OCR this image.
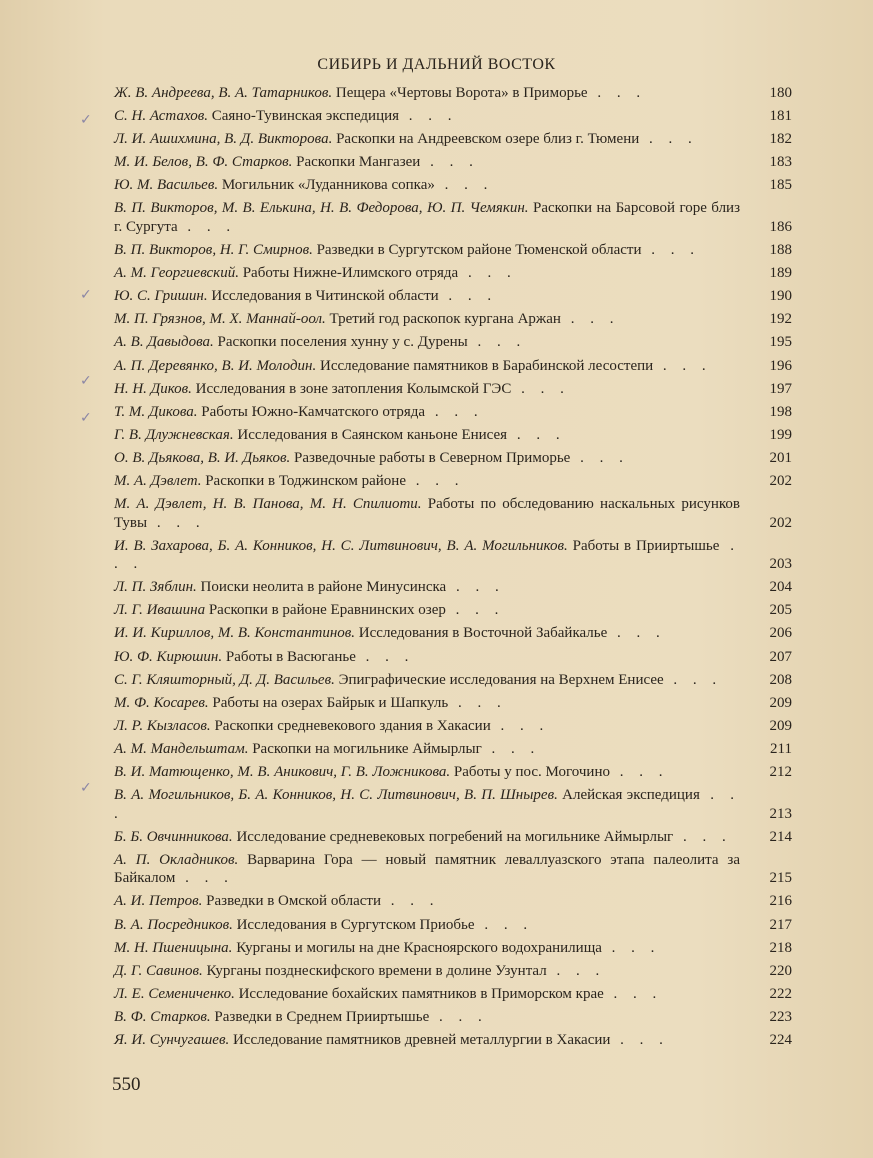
СИБИРЬ И ДАЛЬНИЙ ВОСТОК
Ж. В. Андреева, В. А. Татарников. Пещера «Чертовы Ворота» в Приморье . . .	180
С. Н. Астахов. Саяно-Тувинская экспедиция . . .	181
Л. И. Ашихмина, В. Д. Викторова. Раскопки на Андреевском озере близ г. Тюмени . . .	182
М. И. Белов, В. Ф. Старков. Раскопки Мангазеи . . .	183
Ю. М. Васильев. Могильник «Луданникова сопка» . . .	185
В. П. Викторов, М. В. Елькина, Н. В. Федорова, Ю. П. Чемякин. Раскопки на Барсовой горе близ г. Сургута . . .	186
В. П. Викторов, Н. Г. Смирнов. Разведки в Сургутском районе Тюменской области . . .	188
А. М. Георгиевский. Работы Нижне-Илимского отряда . . .	189
Ю. С. Гришин. Исследования в Читинской области . . .	190
М. П. Грязнов, М. Х. Маннай-оол. Третий год раскопок кургана Аржан . . .	192
А. В. Давыдова. Раскопки поселения хунну у с. Дурены . . .	195
А. П. Деревянко, В. И. Молодин. Исследование памятников в Барабинской лесостепи . . .	196
Н. Н. Диков. Исследования в зоне затопления Колымской ГЭС . . .	197
Т. М. Дикова. Работы Южно-Камчатского отряда . . .	198
Г. В. Длужневская. Исследования в Саянском каньоне Енисея . . .	199
О. В. Дьякова, В. И. Дьяков. Разведочные работы в Северном Приморье . . .	201
М. А. Дэвлет. Раскопки в Тоджинском районе . . .	202
М. А. Дэвлет, Н. В. Панова, М. Н. Спилиоти. Работы по обследованию наскальных рисунков Тувы . . .	202
И. В. Захарова, Б. А. Конников, Н. С. Литвинович, В. А. Могильников. Работы в Прииртышье . . .	203
Л. П. Зяблин. Поиски неолита в районе Минусинска . . .	204
Л. Г. Ивашина Раскопки в районе Еравнинских озер . . .	205
И. И. Кириллов, М. В. Константинов. Исследования в Восточной Забайкалье . . .	206
Ю. Ф. Кирюшин. Работы в Васюганье . . .	207
С. Г. Кляшторный, Д. Д. Васильев. Эпиграфические исследования на Верхнем Енисее . . .	208
М. Ф. Косарев. Работы на озерах Байрык и Шапкуль . . .	209
Л. Р. Кызласов. Раскопки средневекового здания в Хакасии . . .	209
А. М. Мандельштам. Раскопки на могильнике Аймырлыг . . .	211
В. И. Матющенко, М. В. Аникович, Г. В. Ложникова. Работы у пос. Могочино . . .	212
В. А. Могильников, Б. А. Конников, Н. С. Литвинович, В. П. Шнырев. Алейская экспедиция . . .	213
Б. Б. Овчинникова. Исследование средневековых погребений на могильнике Аймырлыг . . .	214
А. П. Окладников. Варварина Гора — новый памятник леваллуазского этапа палеолита за Байкалом . . .	215
А. И. Петров. Разведки в Омской области . . .	216
В. А. Посредников. Исследования в Сургутском Приобье . . .	217
М. Н. Пшеницына. Курганы и могилы на дне Красноярского водохранилища . . .	218
Д. Г. Савинов. Курганы позднескифского времени в долине Узунтал . . .	220
Л. Е. Семениченко. Исследование бохайских памятников в Приморском крае . . .	222
В. Ф. Старков. Разведки в Среднем Прииртышье . . .	223
Я. И. Сунчугашев. Исследование памятников древней металлургии в Хакасии . . .	224
✓
✓
✓
✓
✓
550
